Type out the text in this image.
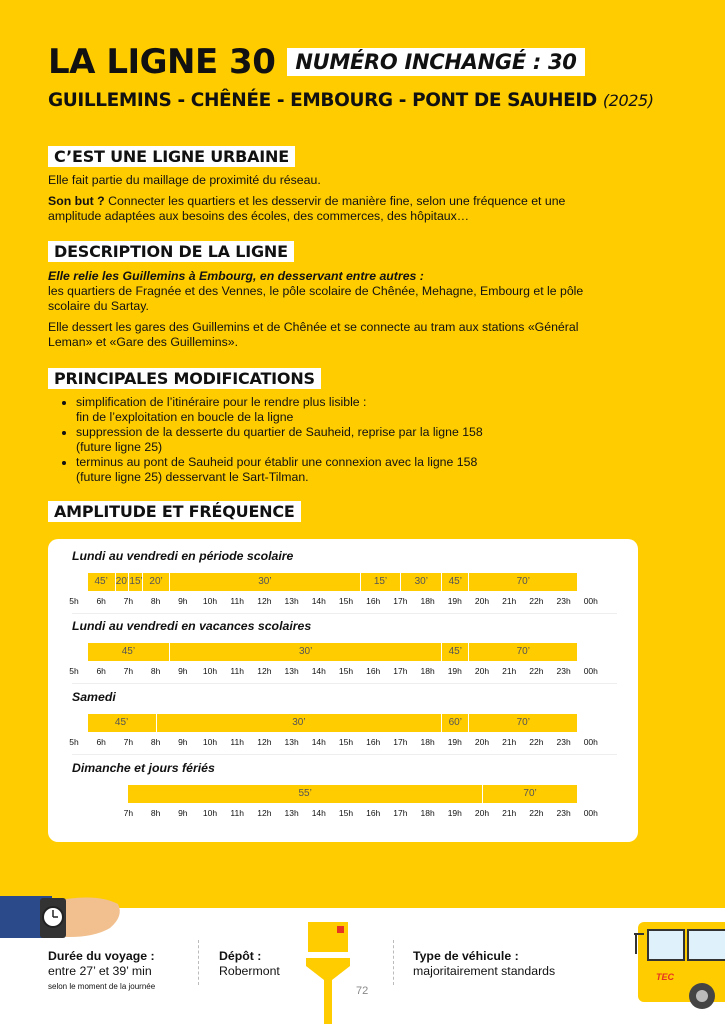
LA LIGNE 30 NUMÉRO INCHANGÉ : 30
GUILLEMINS - CHÊNÉE - EMBOURG - PONT DE SAUHEID (2025)
C’EST UNE LIGNE URBAINE

Elle fait partie du maillage de proximité du réseau.

Son but ? Connecter les quartiers et les desservir de manière fine, selon une fréquence et une amplitude adaptées aux besoins des écoles, des commerces, des hôpitaux…

DESCRIPTION DE LA LIGNE

Elle relie les Guillemins à Embourg, en desservant entre autres :
les quartiers de Fragnée et des Vennes, le pôle scolaire de Chênée, Mehagne, Embourg et le pôle scolaire du Sartay.

Elle dessert les gares des Guillemins et de Chênée et se connecte au tram aux stations «Général Leman» et «Gare des Guillemins».

PRINCIPALES MODIFICATIONS
• simplification de l’itinéraire pour le rendre plus lisible :
fin de l’exploitation en boucle de la ligne
• suppression de la desserte du quartier de Sauheid, reprise par la ligne 158
(future ligne 25)
• terminus au pont de Sauheid pour établir une connexion avec la ligne 158
(future ligne 25) desservant le Sart-Tilman.
AMPLITUDE ET FRÉQUENCE
Lundi au vendredi en période scolaire
45’ 20’ 15’ 20’	30’	15’	30’	45’	70’
5h	6h	7h	8h	9h	10h	11h	12h	13h	14h	15h	16h	17h	18h	19h	20h	21h	22h	23h	00h
Lundi au vendredi en vacances scolaires
45’	30’	45’	70’
5h	6h	7h	8h	9h	10h	11h	12h	13h	14h	15h	16h	17h	18h	19h	20h	21h	22h	23h	00h
Samedi
45’	30’	60’	70’
5h	6h	7h	8h	9h	10h	11h	12h	13h	14h	15h	16h	17h	18h	19h	20h	21h	22h	23h	00h
Dimanche et jours fériés
55’	70’
7h	8h	9h	10h	11h	12h	13h	14h	15h	16h	17h	18h	19h	20h	21h	22h	23h	00h
Durée du voyage :
entre 27’ et 39’ min
selon le moment de la journée
Dépôt :
Robermont
Type de véhicule :
majoritairement standards
72
TEC
